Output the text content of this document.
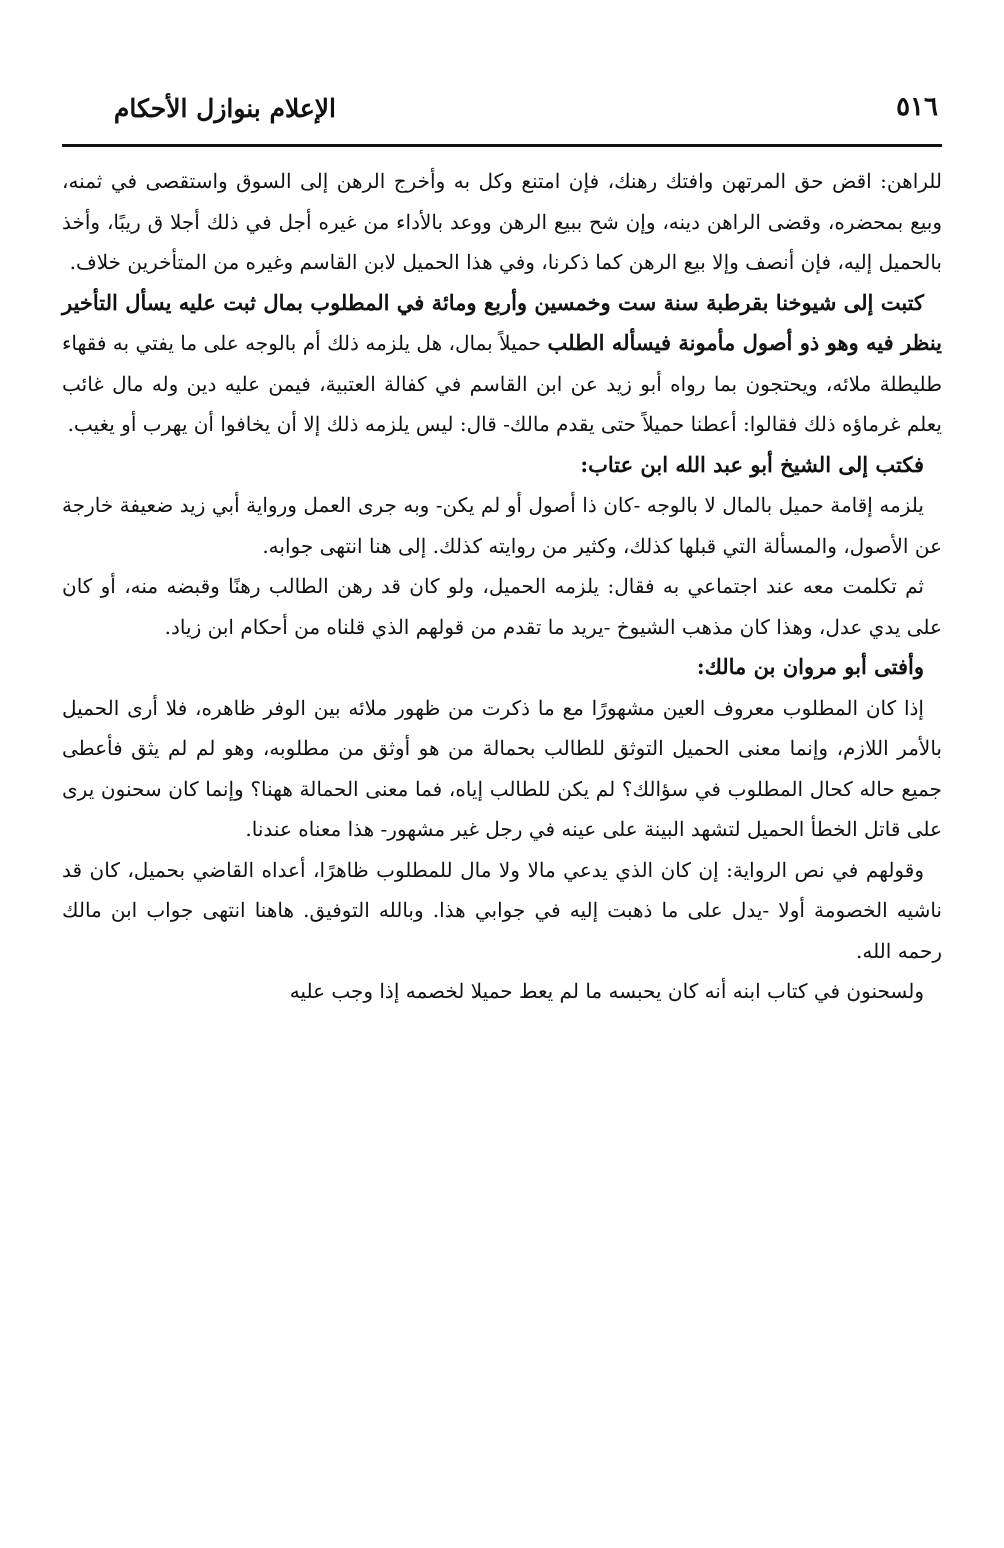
٥١٦
الإعلام بنوازل الأحكام

للراهن: اقض حق المرتهن وافتك رهنك، فإن امتنع وكل به وأخرج الرهن إلى السوق واستقصى في ثمنه، وبيع بمحضره، وقضى الراهن دينه، وإن شح ببيع الرهن ووعد بالأداء من غيره أجل في ذلك أجلا ق ريبًا، وأخذ بالحميل إليه، فإن أنصف وإلا بيع الرهن كما ذكرنا، وفي هذا الحميل لابن القاسم وغيره من المتأخرين خلاف.

كتبت إلى شيوخنا بقرطبة سنة ست وخمسين وأربع ومائة في المطلوب بمال ثبت عليه يسأل التأخير ينظر فيه وهو ذو أصول مأمونة فيسأله الطلب حميلاً بمال، هل يلزمه ذلك أم بالوجه على ما يفتي به فقهاء طليطلة ملائه، ويحتجون بما رواه أبو زيد عن ابن القاسم في كفالة العتبية، فيمن عليه دين وله مال غائب يعلم غرماؤه ذلك فقالوا: أعطنا حميلاً حتى يقدم مالك- قال: ليس يلزمه ذلك إلا أن يخافوا أن يهرب أو يغيب.

فكتب إلى الشيخ أبو عبد الله ابن عتاب:

يلزمه إقامة حميل بالمال لا بالوجه -كان ذا أصول أو لم يكن- وبه جرى العمل ورواية أبي زيد ضعيفة خارجة عن الأصول، والمسألة التي قبلها كذلك، وكثير من روايته كذلك. إلى هنا انتهى جوابه.

ثم تكلمت معه عند اجتماعي به فقال: يلزمه الحميل، ولو كان قد رهن الطالب رهنًا وقبضه منه، أو كان على يدي عدل، وهذا كان مذهب الشيوخ -يريد ما تقدم من قولهم الذي قلناه من أحكام ابن زياد.

وأفتى أبو مروان بن مالك:

إذا كان المطلوب معروف العين مشهورًا مع ما ذكرت من ظهور ملائه بين الوفر ظاهره، فلا أرى الحميل بالأمر اللازم، وإنما معنى الحميل التوثق للطالب بحمالة من هو أوثق من مطلوبه، وهو لم لم يثق فأعطى جميع حاله كحال المطلوب في سؤالك؟ لم يكن للطالب إياه، فما معنى الحمالة ههنا؟ وإنما كان سحنون يرى على قاتل الخطأ الحميل لتشهد البينة على عينه في رجل غير مشهور- هذا معناه عندنا.

وقولهم في نص الرواية: إن كان الذي يدعي مالا ولا مال للمطلوب ظاهرًا، أعداه القاضي بحميل، كان قد ناشيه الخصومة أولا -يدل على ما ذهبت إليه في جوابي هذا. وبالله التوفيق. هاهنا انتهى جواب ابن مالك رحمه الله.

ولسحنون في كتاب ابنه أنه كان يحبسه ما لم يعط حميلا لخصمه إذا وجب عليه
